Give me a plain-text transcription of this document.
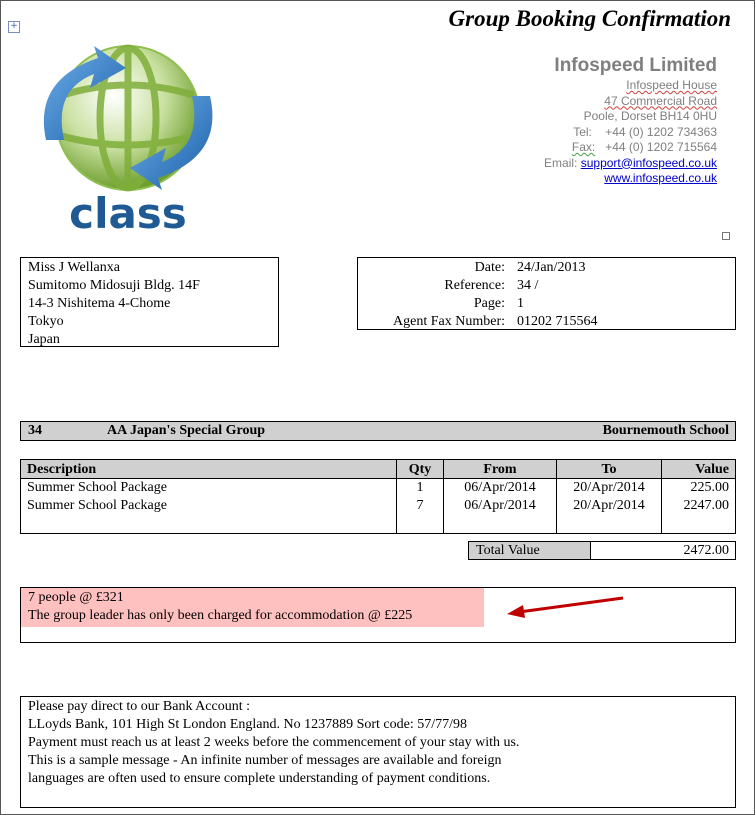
+	Group Booking Confirmation
class
Infospeed Limited
Infospeed House
47 Commercial Road
Poole, Dorset BH14 0HU
Tel: +44 (0) 1202 734363
Fax: +44 (0) 1202 715564
Email: support@infospeed.co.uk
www.infospeed.co.uk
Miss J Wellanxa
Sumitomo Midosuji Bldg. 14F
14-3 Nishitema 4-Chome
Tokyo
Japan
Date: 24/Jan/2013
Reference: 34 /
Page: 1
Agent Fax Number: 01202 715564
34	AA Japan's Special Group	Bournemouth School
Description	Qty	From	To	Value
Summer School Package	1	06/Apr/2014	20/Apr/2014	225.00
Summer School Package	7	06/Apr/2014	20/Apr/2014	2247.00

Total Value	2472.00
7 people @ £321
The group leader has only been charged for accommodation @ £225
Please pay direct to our Bank Account :
LLoyds Bank, 101 High St London England. No 1237889 Sort code: 57/77/98
Payment must reach us at least 2 weeks before the commencement of your stay with us.
This is a sample message - An infinite number of messages are available and foreign
languages are often used to ensure complete understanding of payment conditions.
